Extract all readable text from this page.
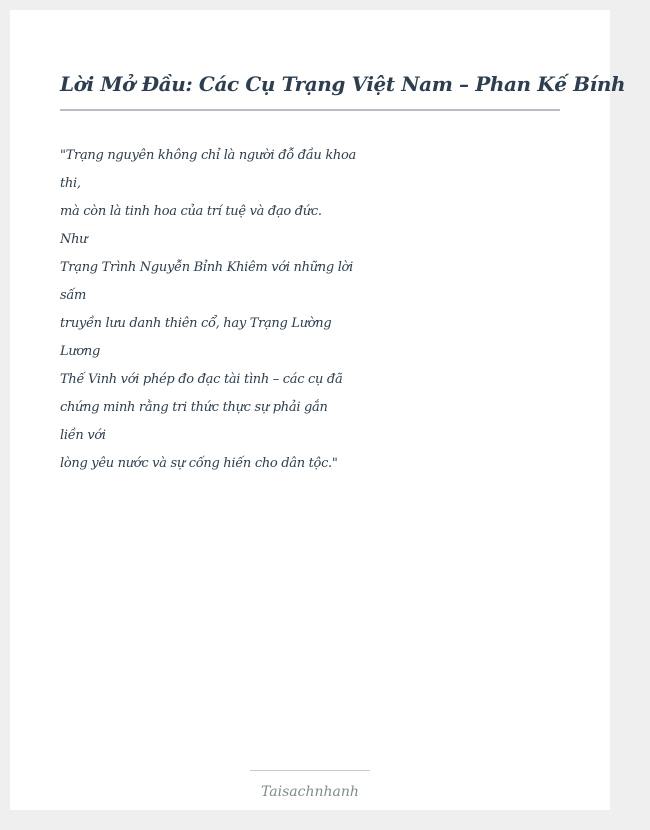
Lời Mở Đầu: Các Cụ Trạng Việt Nam – Phan Kế Bính

"Trạng nguyên không chỉ là người đỗ đầu khoa
thi,
mà còn là tinh hoa của trí tuệ và đạo đức.
Như
Trạng Trình Nguyễn Bỉnh Khiêm với những lời
sấm
truyền lưu danh thiên cổ, hay Trạng Lường
Lương
Thế Vinh với phép đo đạc tài tình – các cụ đã
chứng minh rằng tri thức thực sự phải gắn
liền với
lòng yêu nước và sự cống hiến cho dân tộc."

Taisachnhanh
